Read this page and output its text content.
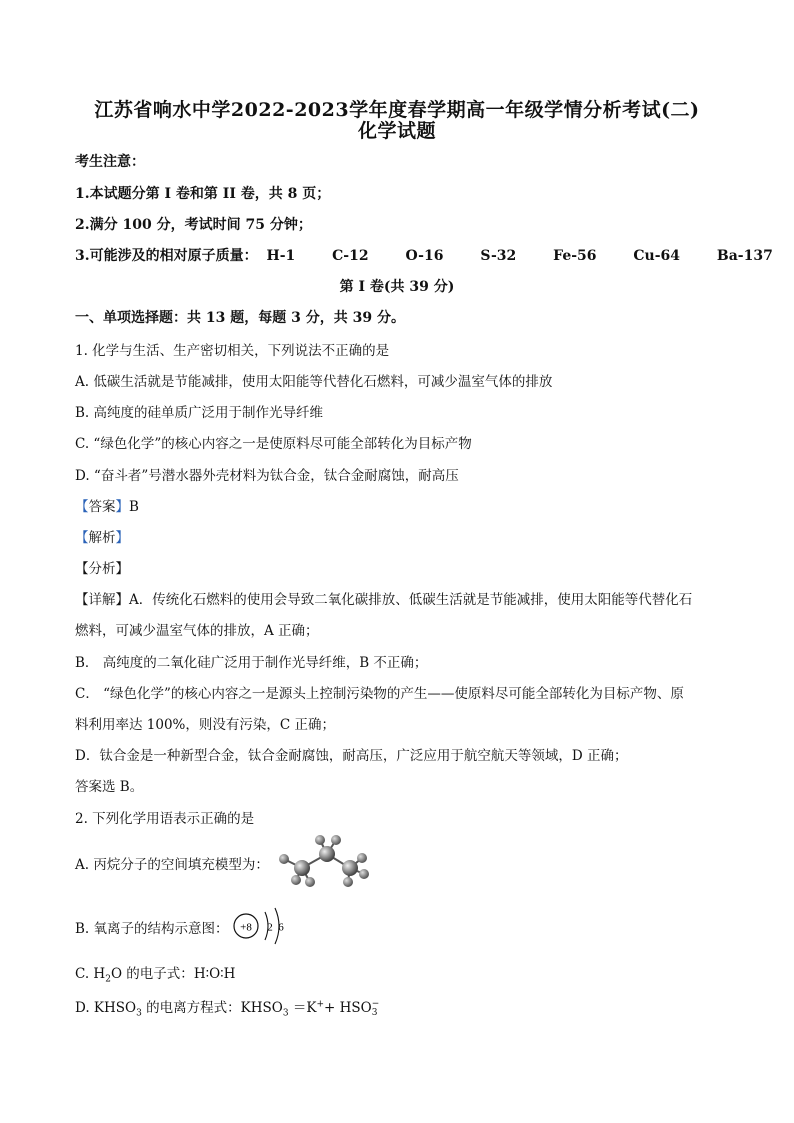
江苏省响水中学2022-2023学年度春学期高一年级学情分析考试(二)
化学试题
考生注意：
1.本试题分第 I 卷和第 II 卷，共 8 页；
2.满分 100 分，考试时间 75 分钟；
3.可能涉及的相对原子质量： H-1	C-12	O-16	S-32	Fe-56	Cu-64	Ba-137
第 I 卷(共 39 分)
一、单项选择题：共 13 题，每题 3 分，共 39 分。
1. 化学与生活、生产密切相关，下列说法不正确的是
A. 低碳生活就是节能减排，使用太阳能等代替化石燃料，可减少温室气体的排放
B. 高纯度的硅单质广泛用于制作光导纤维
C. “绿色化学”的核心内容之一是使原料尽可能全部转化为目标产物
D. “奋斗者”号潜水器外壳材料为钛合金，钛合金耐腐蚀，耐高压
【答案】B
【解析】
【分析】
【详解】A．传统化石燃料的使用会导致二氧化碳排放、低碳生活就是节能减排，使用太阳能等代替化石
燃料，可减少温室气体的排放，A 正确；
B． 高纯度的二氧化硅广泛用于制作光导纤维，B 不正确；
C． “绿色化学”的核心内容之一是源头上控制污染物的产生——使原料尽可能全部转化为目标产物、原
料利用率达 100%，则没有污染，C 正确；
D．钛合金是一种新型合金，钛合金耐腐蚀，耐高压，广泛应用于航空航天等领域，D 正确；
答案选 B。
2. 下列化学用语表示正确的是
A. 丙烷分子的空间填充模型为：
B. 氧离子的结构示意图： +8 2 6
C. $H_2O$ 的电子式：H∶O∶H
D. $KHSO_3$ 的电离方程式：$KHSO_3 =K^++$ HSO −
3
